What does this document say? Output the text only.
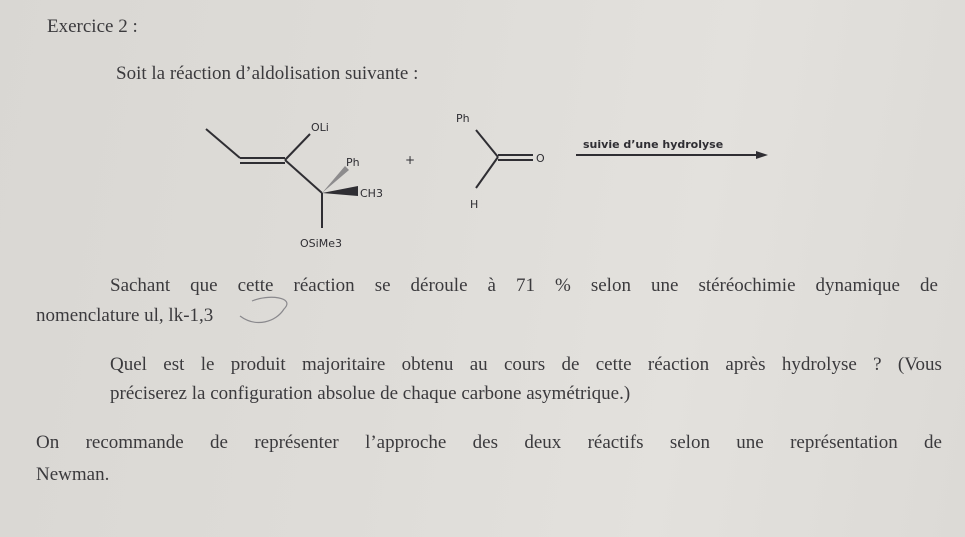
Exercice 2 :
Soit la réaction d’aldolisation suivante :
OLi
Ph
CH3
OSiMe3
+
Ph
O
H
suivie d’une hydrolyse
Sachant que cette réaction se déroule à 71 % selon une stéréochimie dynamique de
nomenclature ul, lk-1,3
Quel est le produit majoritaire obtenu au cours de cette réaction après hydrolyse ? (Vous
préciserez la configuration absolue de chaque carbone asymétrique.)
On recommande de représenter l’approche des deux réactifs selon une représentation de
Newman.
